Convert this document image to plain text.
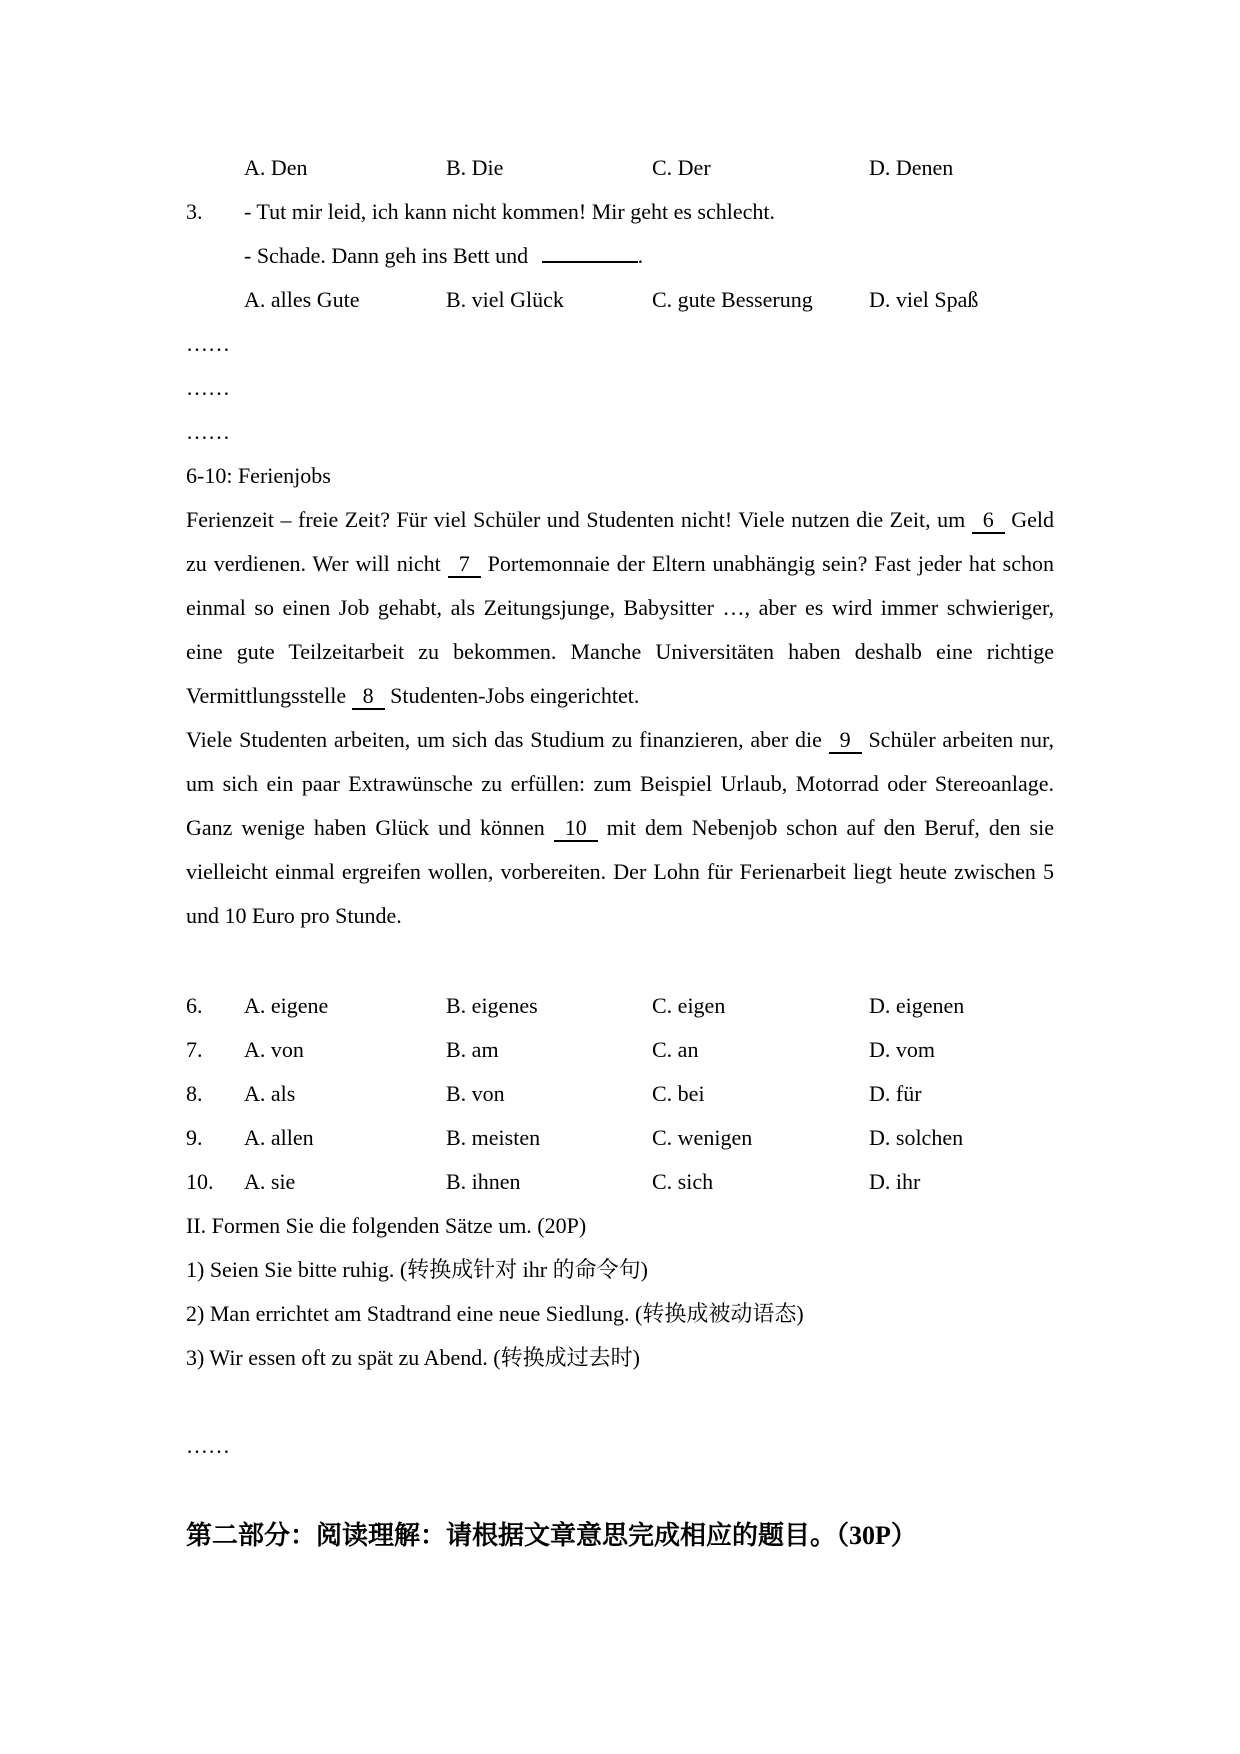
A. Den	B. Die	C. Der	D. Denen
3.	- Tut mir leid, ich kann nicht kommen! Mir geht es schlecht.
- Schade. Dann geh ins Bett und	.
A. alles Gute	B. viel Glück	C. gute Besserung	D. viel Spaß
……
……
……
6-10: Ferienjobs

Ferienzeit – freie Zeit? Für viel Schüler und Studenten nicht! Viele nutzen die Zeit, um 6 Geld zu verdienen. Wer will nicht 7 Portemonnaie der Eltern unabhängig sein? Fast jeder hat schon einmal so einen Job gehabt, als Zeitungsjunge, Babysitter …, aber es wird immer schwieriger, eine gute Teilzeitarbeit zu bekommen. Manche Universitäten haben deshalb eine richtige Vermittlungsstelle 8 Studenten-Jobs eingerichtet.

Viele Studenten arbeiten, um sich das Studium zu finanzieren, aber die 9 Schüler arbeiten nur, um sich ein paar Extrawünsche zu erfüllen: zum Beispiel Urlaub, Motorrad oder Stereoanlage. Ganz wenige haben Glück und können 10 mit dem Nebenjob schon auf den Beruf, den sie vielleicht einmal ergreifen wollen, vorbereiten. Der Lohn für Ferienarbeit liegt heute zwischen 5 und 10 Euro pro Stunde.

6.	A. eigene	B. eigenes	C. eigen	D. eigenen
7.	A. von	B. am	C. an	D. vom
8.	A. als	B. von	C. bei	D. für
9.	A. allen	B. meisten	C. wenigen	D. solchen
10.	A. sie	B. ihnen	C. sich	D. ihr
II. Formen Sie die folgenden Sätze um. (20P)
1) Seien Sie bitte ruhig. (转换成针对 ihr 的命令句)
2) Man errichtet am Stadtrand eine neue Siedlung. (转换成被动语态)
3) Wir essen oft zu spät zu Abend. (转换成过去时)

……
第二部分：阅读理解：请根据文章意思完成相应的题目。（30P）
